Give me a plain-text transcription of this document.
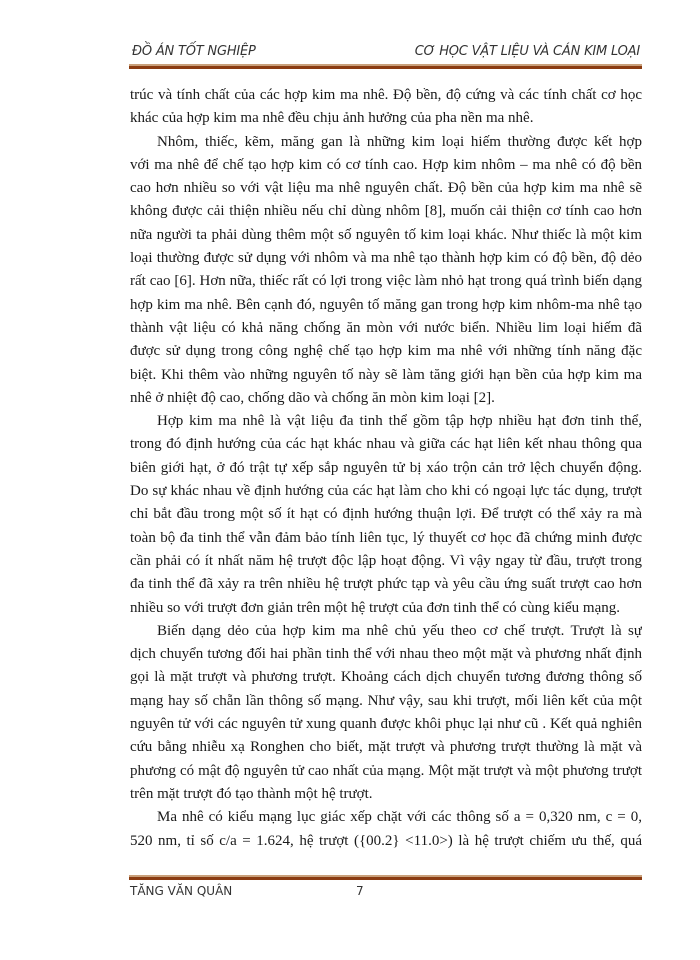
ĐỒ ÁN TỐT NGHIỆP	CƠ HỌC VẬT LIỆU VÀ CÁN KIM LOẠI
trúc và tính chất của các hợp kim ma nhê. Độ bền, độ cứng và các tính chất cơ học
khác của hợp kim ma nhê đều chịu ảnh hưởng của pha nền ma nhê.
Nhôm, thiếc, kẽm, măng gan là những kim loại hiếm thường được kết hợp
với ma nhê để chế tạo hợp kim có cơ tính cao. Hợp kim nhôm – ma nhê có độ bền
cao hơn nhiều so với vật liệu ma nhê nguyên chất. Độ bền của hợp kim ma nhê sẽ
không được cải thiện nhiều nếu chỉ dùng nhôm [8], muốn cải thiện cơ tính cao hơn
nữa người ta phải dùng thêm một số nguyên tố kim loại khác. Như thiếc là một kim
loại thường được sử dụng với nhôm và ma nhê tạo thành hợp kim có độ bền, độ dẻo
rất cao [6]. Hơn nữa, thiếc rất có lợi trong việc làm nhỏ hạt trong quá trình biến dạng
hợp kim ma nhê. Bên cạnh đó, nguyên tố măng gan trong hợp kim nhôm-ma nhê tạo
thành vật liệu có khả năng chống ăn mòn với nước biển. Nhiều lim loại hiếm đã
được sử dụng trong công nghệ chế tạo hợp kim ma nhê với những tính năng đặc
biệt. Khi thêm vào những nguyên tố này sẽ làm tăng giới hạn bền của hợp kim ma
nhê ở nhiệt độ cao, chống dão và chống ăn mòn kim loại [2].
Hợp kim ma nhê là vật liệu đa tinh thể gồm tập hợp nhiều hạt đơn tinh thể,
trong đó định hướng của các hạt khác nhau và giữa các hạt liên kết nhau thông qua
biên giới hạt, ở đó trật tự xếp sắp nguyên tử bị xáo trộn cản trở lệch chuyển động.
Do sự khác nhau về định hướng của các hạt làm cho khi có ngoại lực tác dụng, trượt
chỉ bắt đầu trong một số ít hạt có định hướng thuận lợi. Để trượt có thể xảy ra mà
toàn bộ đa tinh thể vẫn đảm bảo tính liên tục, lý thuyết cơ học đã chứng minh được
cần phải có ít nhất năm hệ trượt độc lập hoạt động. Vì vậy ngay từ đầu, trượt trong
đa tinh thể đã xảy ra trên nhiều hệ trượt phức tạp và yêu cầu ứng suất trượt cao hơn
nhiều so với trượt đơn giản trên một hệ trượt của đơn tinh thể có cùng kiểu mạng.
Biến dạng dẻo của hợp kim ma nhê chủ yếu theo cơ chế trượt. Trượt là sự
dịch chuyển tương đối hai phần tinh thể với nhau theo một mặt và phương nhất định
gọi là mặt trượt và phương trượt. Khoảng cách dịch chuyển tương đương thông số
mạng hay số chẵn lần thông số mạng. Như vậy, sau khi trượt, mối liên kết của một
nguyên tử với các nguyên tử xung quanh được khôi phục lại như cũ . Kết quả nghiên
cứu bằng nhiễu xạ Ronghen cho biết, mặt trượt và phương trượt thường là mặt và
phương có mật độ nguyên tử cao nhất của mạng. Một mặt trượt và một phương trượt
trên mặt trượt đó tạo thành một hệ trượt.
Ma nhê có kiểu mạng lục giác xếp chặt với các thông số a = 0,320 nm, c = 0,
520 nm, tỉ số c/a = 1.624, hệ trượt ({00.2} <11.0>) là hệ trượt chiếm ưu thế, quá
TĂNG VĂN QUÂN	7
